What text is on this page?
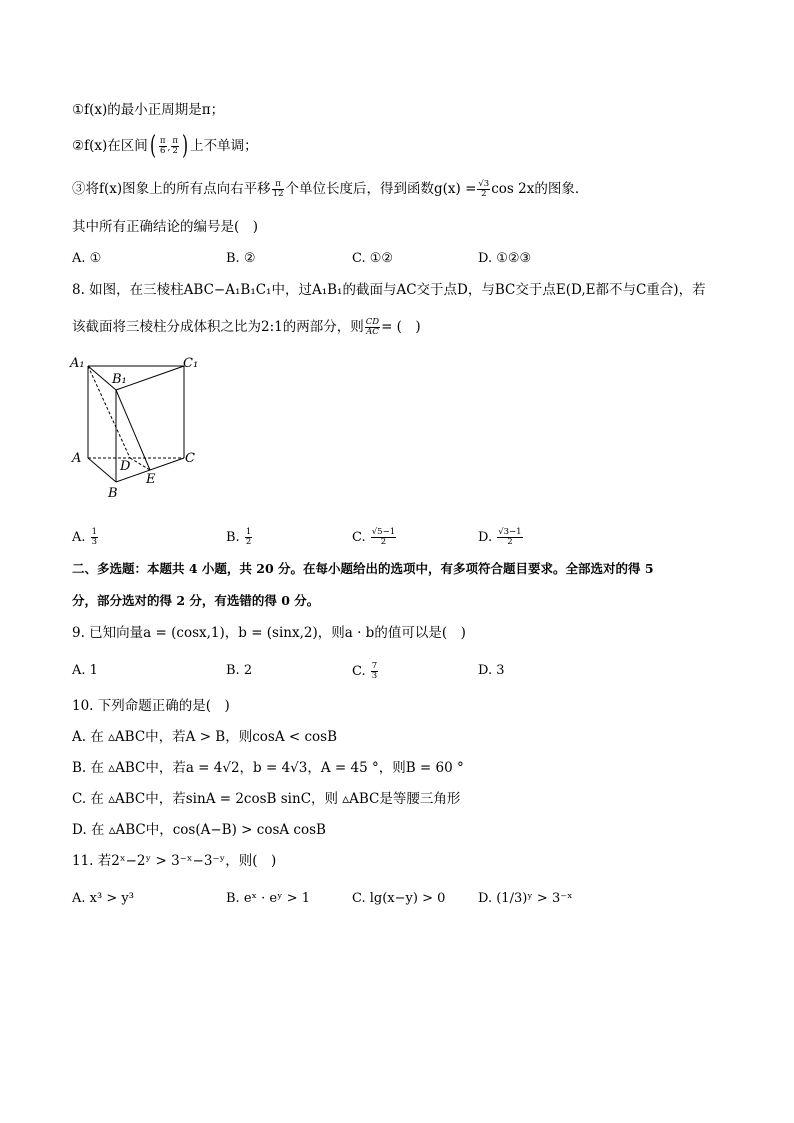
①f(x)的最小正周期是π；
②f(x)在区间( $\frac{\pi}{6}$ , $\frac{\pi}{2}$ ) 上不单调；
③将f(x)图象上的所有点向右平移 $\frac{\pi}{12}$ 个单位长度后，得到函数$g(x) = \frac{√3}{2}$ cos 2x的图象．
其中所有正确结论的编号是(　)
A. ①	B. ②	C. ①②	D. ①②③
8. 如图，在三棱柱ABC−A₁B₁C₁中，过A₁B₁的截面与AC交于点D，与BC交于点E(D,E都不与C重合)，若
该截面将三棱柱分成体积之比为2:1的两部分，则 $\frac{CD}{AC}$ = (　)
A₁
B₁
C₁
A	C
D
E
B
A. $\frac{1}{3}$	B. $\frac{1}{2}$	C. $\frac{√5-1}{2}$	D. $\frac{√3-1}{2}$
二、多选题：本题共 4 小题，共 20 分。在每小题给出的选项中，有多项符合题目要求。全部选对的得 5
分，部分选对的得 2 分，有选错的得 0 分。
9. 已知向量a = (cosx,1)，b = (sinx,2)，则a · b的值可以是(　)
A. 1	B. 2	C. $\frac{7}{3}$	D. 3
10. 下列命题正确的是(　)
A. 在 ▵ABC中，若A > B，则cosA < cosB
B. 在 ▵ABC中，若a = 4√2，b = 4√3，A = 45 °，则B = 60 °
C. 在 ▵ABC中，若sinA = 2cosB sinC，则 ▵ABC是等腰三角形
D. 在 ▵ABC中，cos(A−B) > cosA cosB
11. 若2ˣ−2ʸ > 3⁻ˣ−3⁻ʸ，则(　)
A. x³ > y³	B. eˣ · eʸ > 1	C. lg(x−y) > 0	D. (1/3)ʸ > 3⁻ˣ
